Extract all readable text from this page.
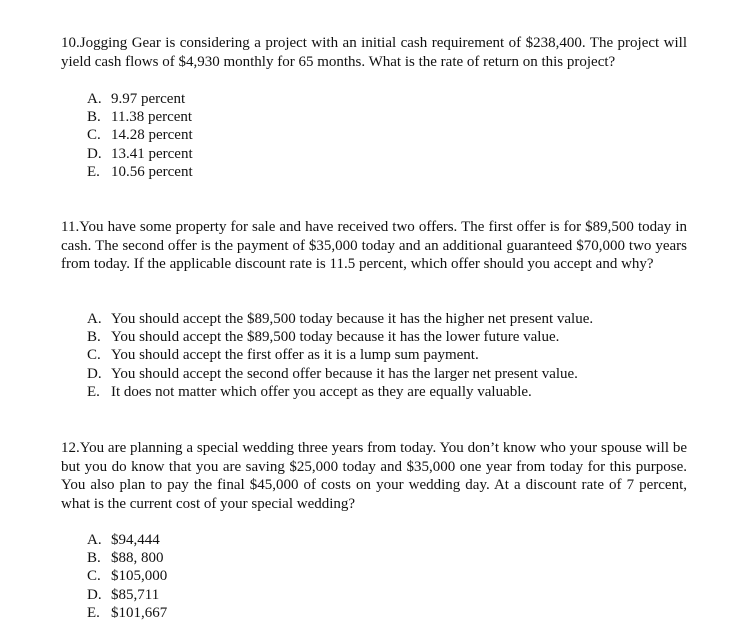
10.Jogging Gear is considering a project with an initial cash requirement of $238,400. The project will yield cash flows of $4,930 monthly for 65 months. What is the rate of return on this project?

A. 9.97 percent
B. 11.38 percent
C. 14.28 percent
D. 13.41 percent
E. 10.56 percent

11.You have some property for sale and have received two offers. The first offer is for $89,500 today in cash. The second offer is the payment of $35,000 today and an additional guaranteed $70,000 two years from today. If the applicable discount rate is 11.5 percent, which offer should you accept and why?

A. You should accept the $89,500 today because it has the higher net present value.
B. You should accept the $89,500 today because it has the lower future value.
C. You should accept the first offer as it is a lump sum payment.
D. You should accept the second offer because it has the larger net present value.
E. It does not matter which offer you accept as they are equally valuable.

12.You are planning a special wedding three years from today. You don’t know who your spouse will be but you do know that you are saving $25,000 today and $35,000 one year from today for this purpose. You also plan to pay the final $45,000 of costs on your wedding day. At a discount rate of 7 percent, what is the current cost of your special wedding?

A. $94,444
B. $88, 800
C. $105,000
D. $85,711
E. $101,667
